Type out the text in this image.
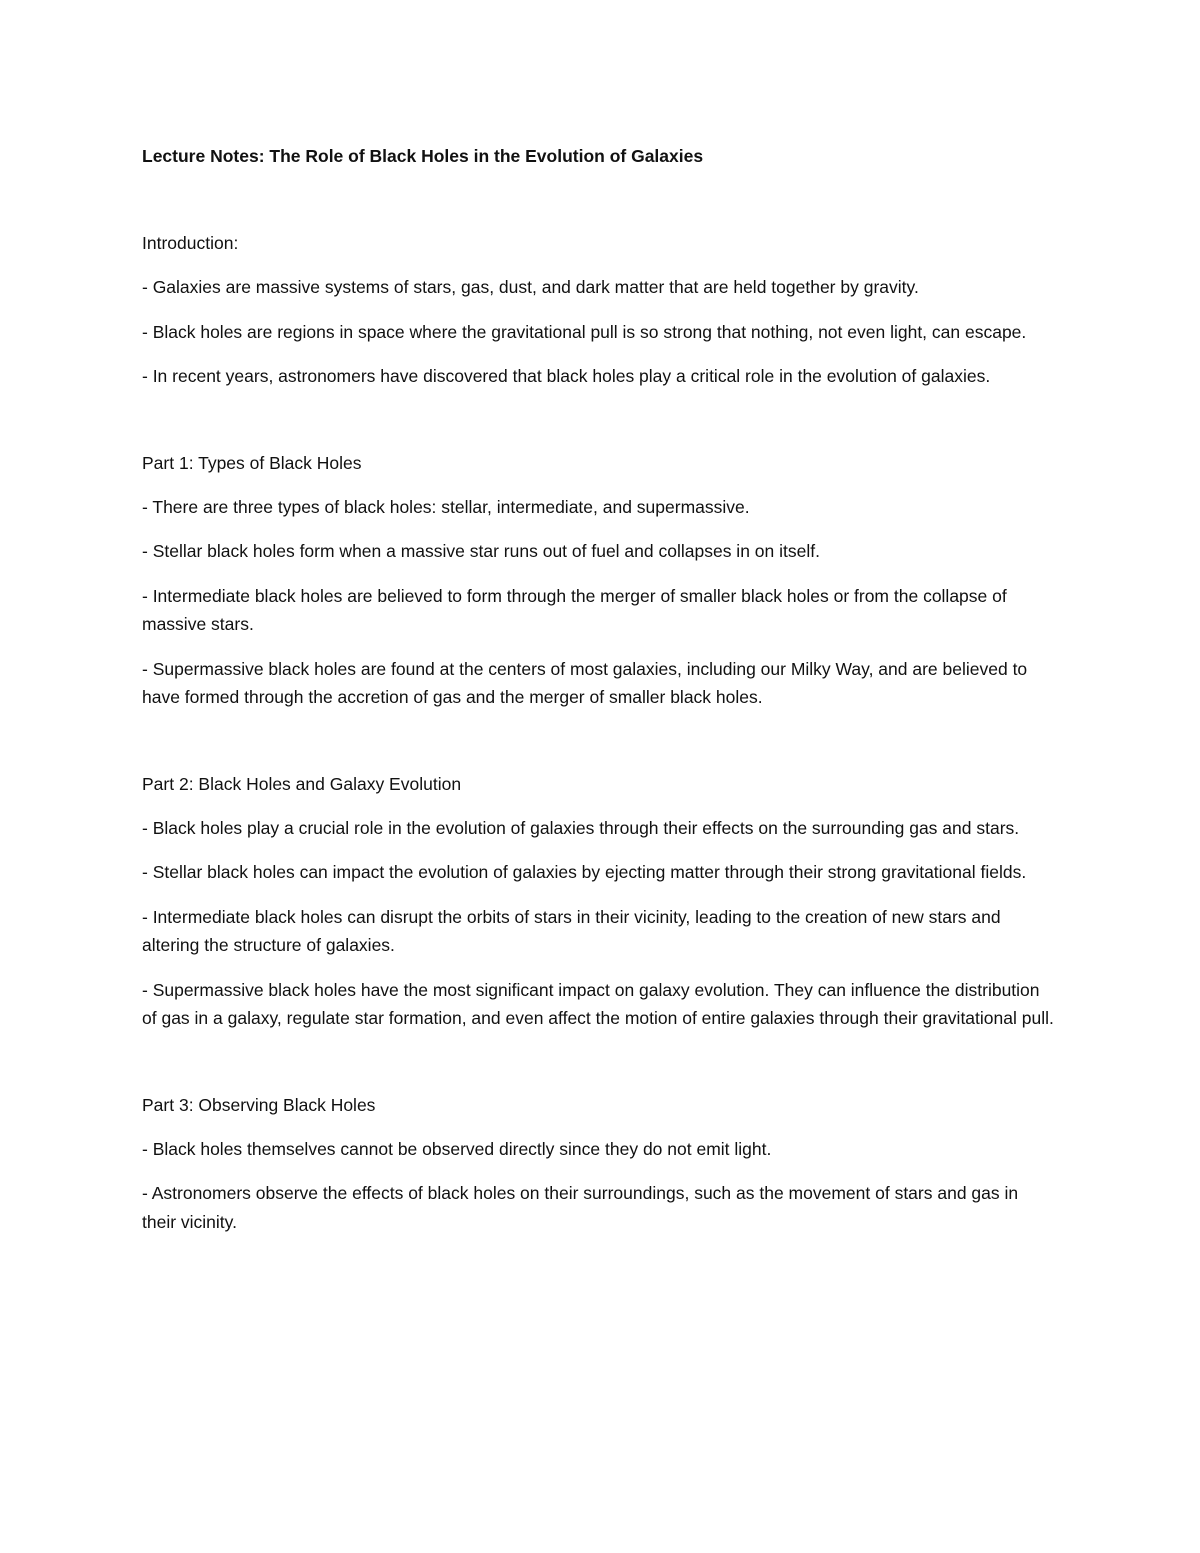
Lecture Notes: The Role of Black Holes in the Evolution of Galaxies

Introduction:

- Galaxies are massive systems of stars, gas, dust, and dark matter that are held together by gravity.

- Black holes are regions in space where the gravitational pull is so strong that nothing, not even light, can escape.

- In recent years, astronomers have discovered that black holes play a critical role in the evolution of galaxies.

Part 1: Types of Black Holes

- There are three types of black holes: stellar, intermediate, and supermassive.

- Stellar black holes form when a massive star runs out of fuel and collapses in on itself.

- Intermediate black holes are believed to form through the merger of smaller black holes or from the collapse of massive stars.

- Supermassive black holes are found at the centers of most galaxies, including our Milky Way, and are believed to have formed through the accretion of gas and the merger of smaller black holes.

Part 2: Black Holes and Galaxy Evolution

- Black holes play a crucial role in the evolution of galaxies through their effects on the surrounding gas and stars.

- Stellar black holes can impact the evolution of galaxies by ejecting matter through their strong gravitational fields.

- Intermediate black holes can disrupt the orbits of stars in their vicinity, leading to the creation of new stars and altering the structure of galaxies.

- Supermassive black holes have the most significant impact on galaxy evolution. They can influence the distribution of gas in a galaxy, regulate star formation, and even affect the motion of entire galaxies through their gravitational pull.

Part 3: Observing Black Holes

- Black holes themselves cannot be observed directly since they do not emit light.

- Astronomers observe the effects of black holes on their surroundings, such as the movement of stars and gas in their vicinity.
